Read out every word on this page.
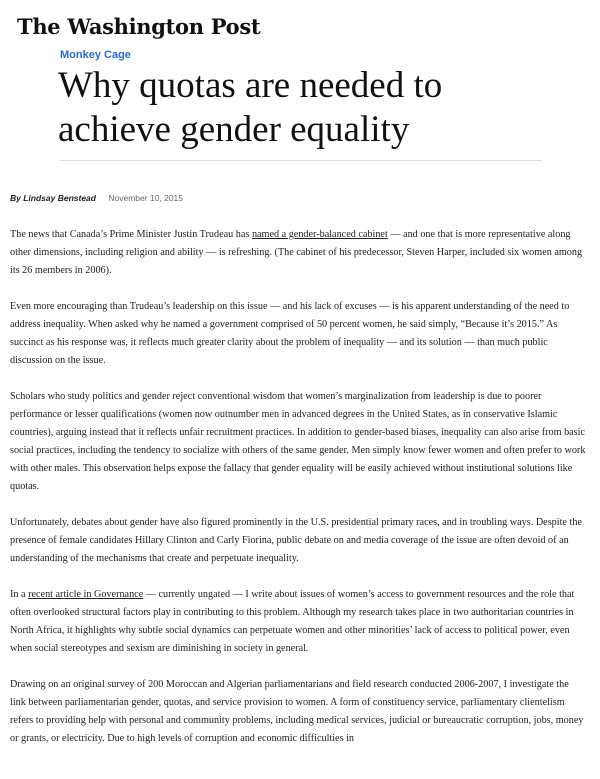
The Washington Post
Monkey Cage
Why quotas are needed to achieve gender equality
By Lindsay Benstead November 10, 2015

The news that Canada’s Prime Minister Justin Trudeau has named a gender-balanced cabinet — and one that is more representative along other dimensions, including religion and ability — is refreshing. (The cabinet of his predecessor, Steven Harper, included six women among its 26 members in 2006).

Even more encouraging than Trudeau’s leadership on this issue — and his lack of excuses — is his apparent understanding of the need to address inequality. When asked why he named a government comprised of 50 percent women, he said simply, “Because it’s 2015.” As succinct as his response was, it reflects much greater clarity about the problem of inequality — and its solution — than much public discussion on the issue.

Scholars who study politics and gender reject conventional wisdom that women’s marginalization from leadership is due to poorer performance or lesser qualifications (women now outnumber men in advanced degrees in the United States, as in conservative Islamic countries), arguing instead that it reflects unfair recruitment practices. In addition to gender-based biases, inequality can also arise from basic social practices, including the tendency to socialize with others of the same gender. Men simply know fewer women and often prefer to work with other males. This observation helps expose the fallacy that gender equality will be easily achieved without institutional solutions like quotas.

Unfortunately, debates about gender have also figured prominently in the U.S. presidential primary races, and in troubling ways. Despite the presence of female candidates Hillary Clinton and Carly Fiorina, public debate on and media coverage of the issue are often devoid of an understanding of the mechanisms that create and perpetuate inequality.

In a recent article in Governance — currently ungated — I write about issues of women’s access to government resources and the role that often overlooked structural factors play in contributing to this problem. Although my research takes place in two authoritarian countries in North Africa, it highlights why subtle social dynamics can perpetuate women and other minorities’ lack of access to political power, even when social stereotypes and sexism are diminishing in society in general.

Drawing on an original survey of 200 Moroccan and Algerian parliamentarians and field research conducted 2006-2007, I investigate the link between parliamentarian gender, quotas, and service provision to women. A form of constituency service, parliamentary clientelism refers to providing help with personal and community problems, including medical services, judicial or bureaucratic corruption, jobs, money or grants, or electricity. Due to high levels of corruption and economic difficulties in
